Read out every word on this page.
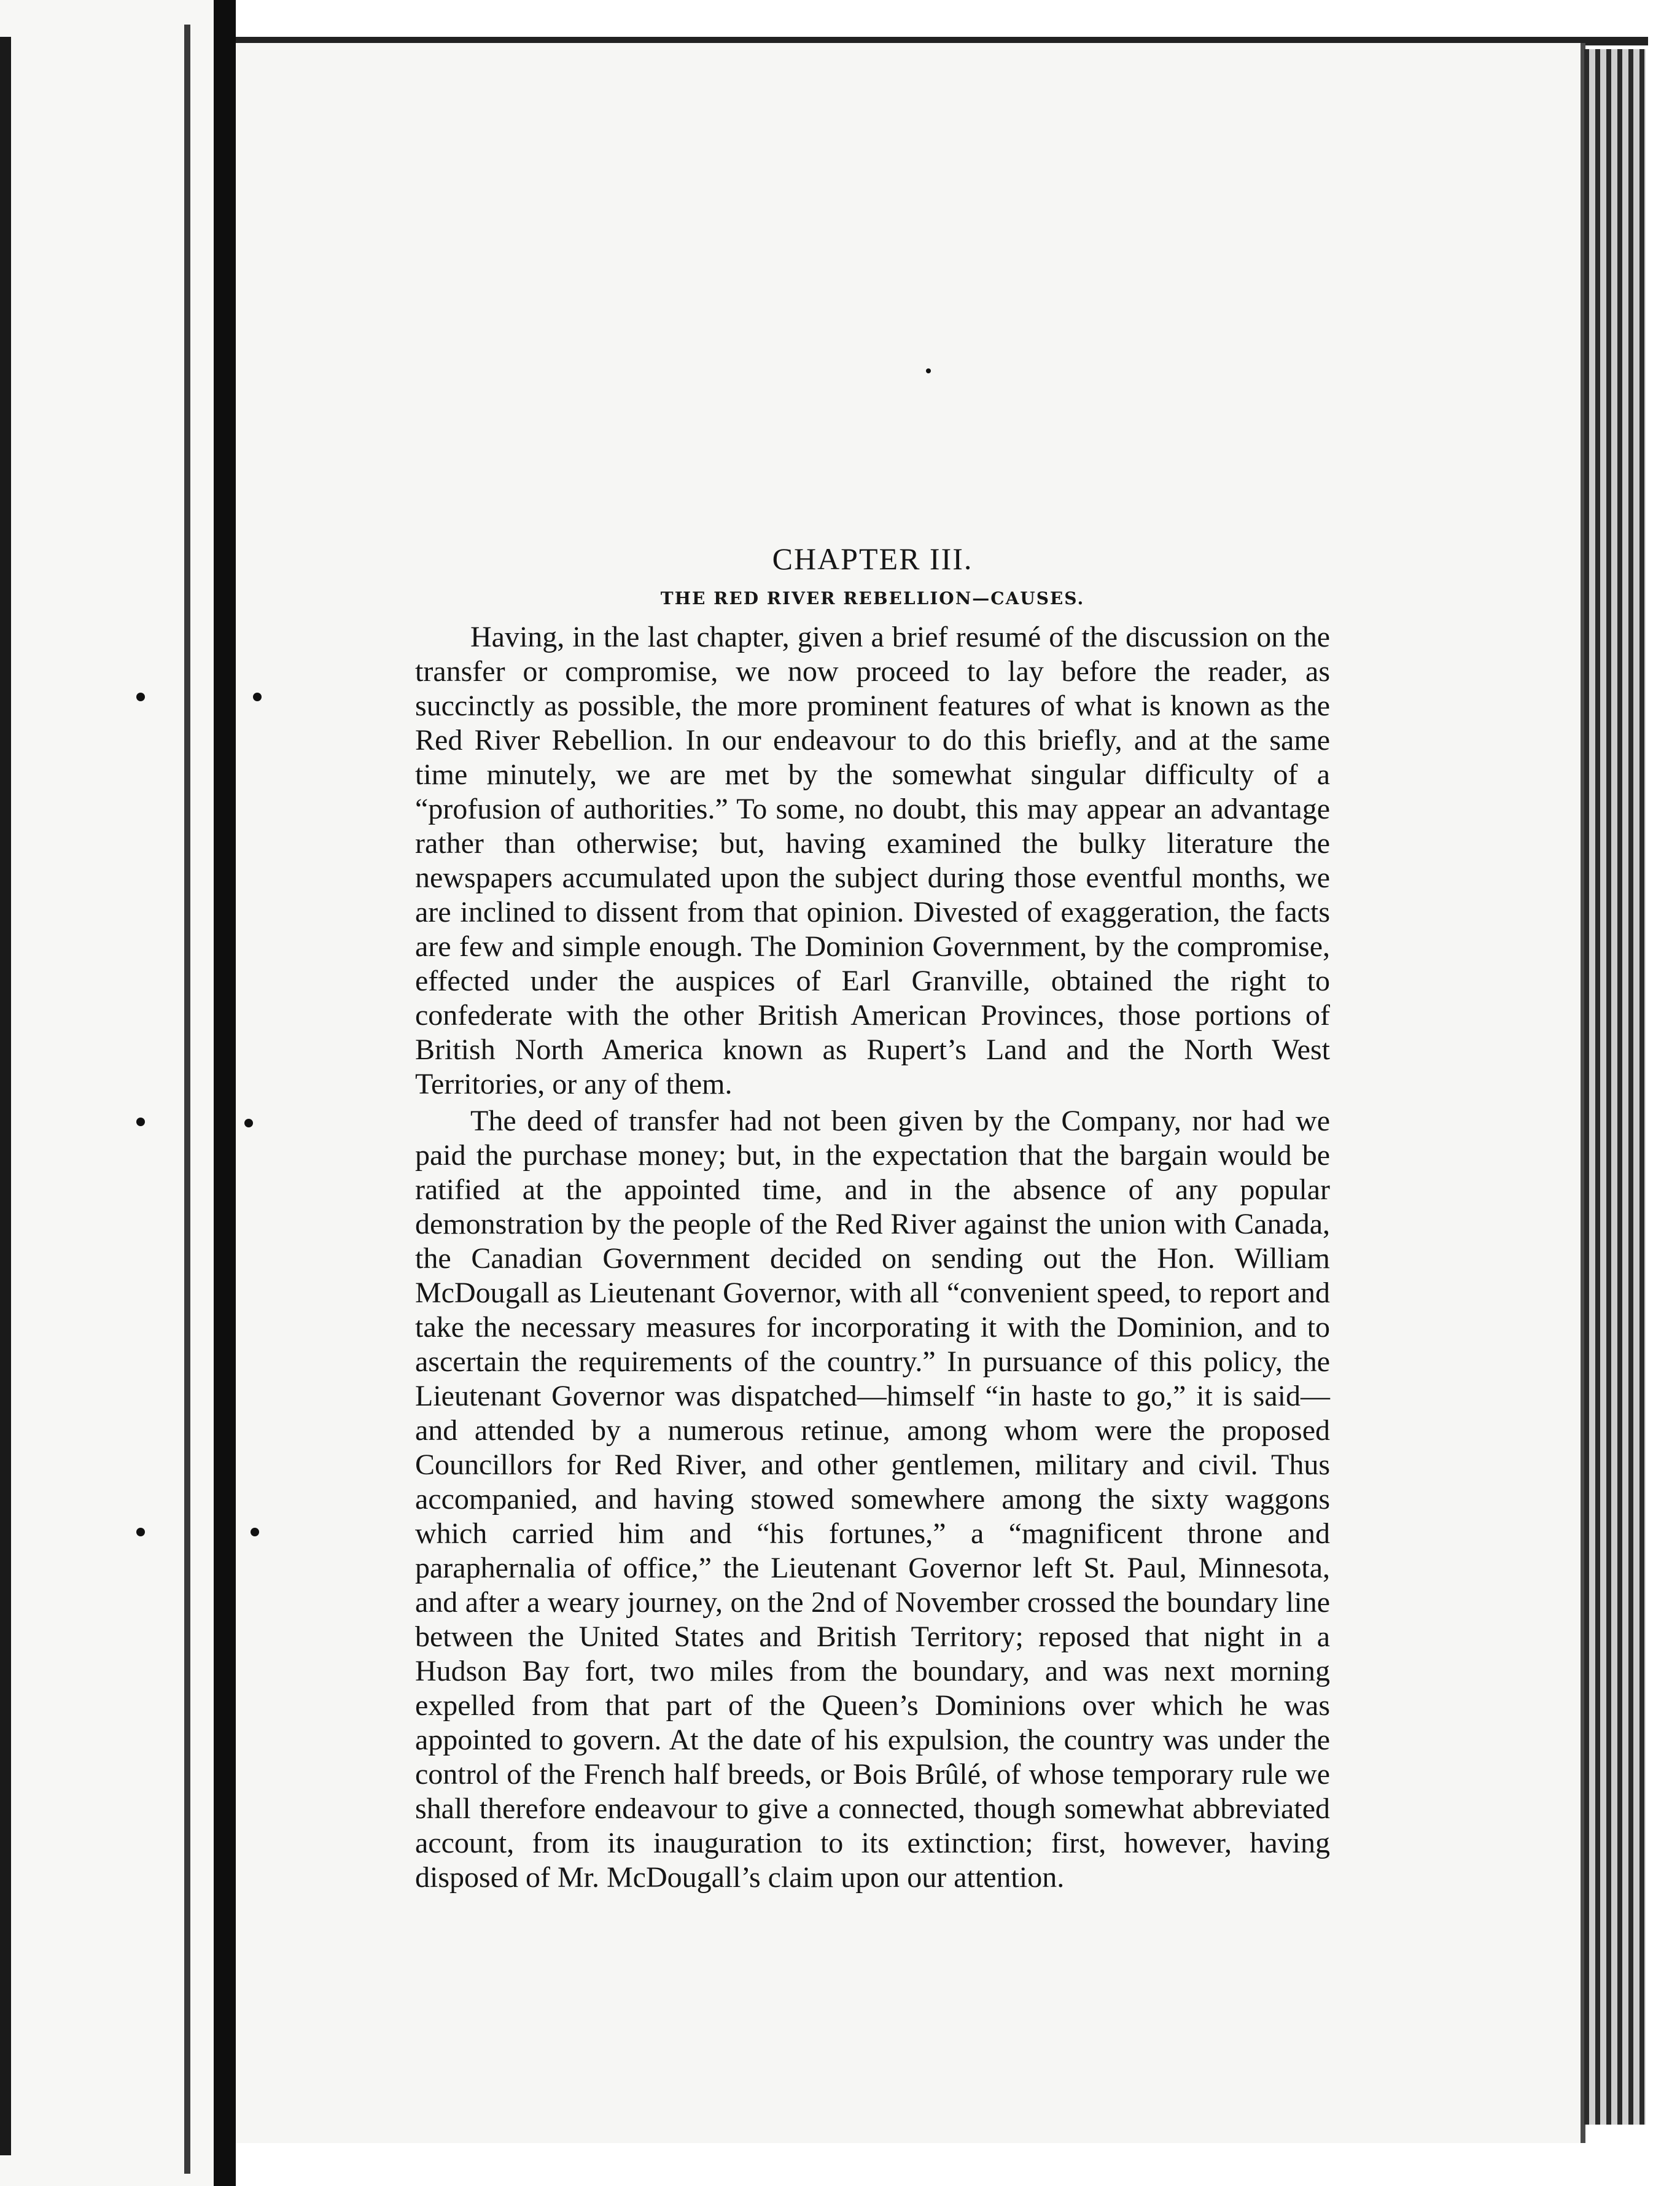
CHAPTER III.
THE RED RIVER REBELLION—CAUSES.

Having, in the last chapter, given a brief resumé of the discussion on the transfer or compromise, we now proceed to lay before the reader, as succinctly as possible, the more prominent features of what is known as the Red River Rebellion. In our endeavour to do this briefly, and at the same time minutely, we are met by the somewhat singular difficulty of a “profusion of authorities.” To some, no doubt, this may appear an advantage rather than otherwise; but, having examined the bulky literature the newspapers accumulated upon the subject during those eventful months, we are inclined to dissent from that opinion. Divested of exaggeration, the facts are few and simple enough. The Dominion Government, by the compromise, effected under the auspices of Earl Granville, obtained the right to confederate with the other British American Provinces, those portions of British North America known as Rupert’s Land and the North West Territories, or any of them.

The deed of transfer had not been given by the Company, nor had we paid the purchase money; but, in the expectation that the bargain would be ratified at the appointed time, and in the absence of any popular demonstration by the people of the Red River against the union with Canada, the Canadian Government decided on sending out the Hon. William McDougall as Lieutenant Governor, with all “convenient speed, to report and take the necessary measures for incorporating it with the Dominion, and to ascertain the requirements of the country.” In pursuance of this policy, the Lieutenant Governor was dispatched—himself “in haste to go,” it is said—and attended by a numerous retinue, among whom were the proposed Councillors for Red River, and other gentlemen, military and civil. Thus accompanied, and having stowed somewhere among the sixty waggons which carried him and “his fortunes,” a “magnificent throne and paraphernalia of office,” the Lieutenant Governor left St. Paul, Minnesota, and after a weary journey, on the 2nd of November crossed the boundary line between the United States and British Territory; reposed that night in a Hudson Bay fort, two miles from the boundary, and was next morning expelled from that part of the Queen’s Dominions over which he was appointed to govern. At the date of his expulsion, the country was under the control of the French half breeds, or Bois Brûlé, of whose temporary rule we shall therefore endeavour to give a connected, though somewhat abbreviated account, from its inauguration to its extinction; first, however, having disposed of Mr. McDougall’s claim upon our attention.
